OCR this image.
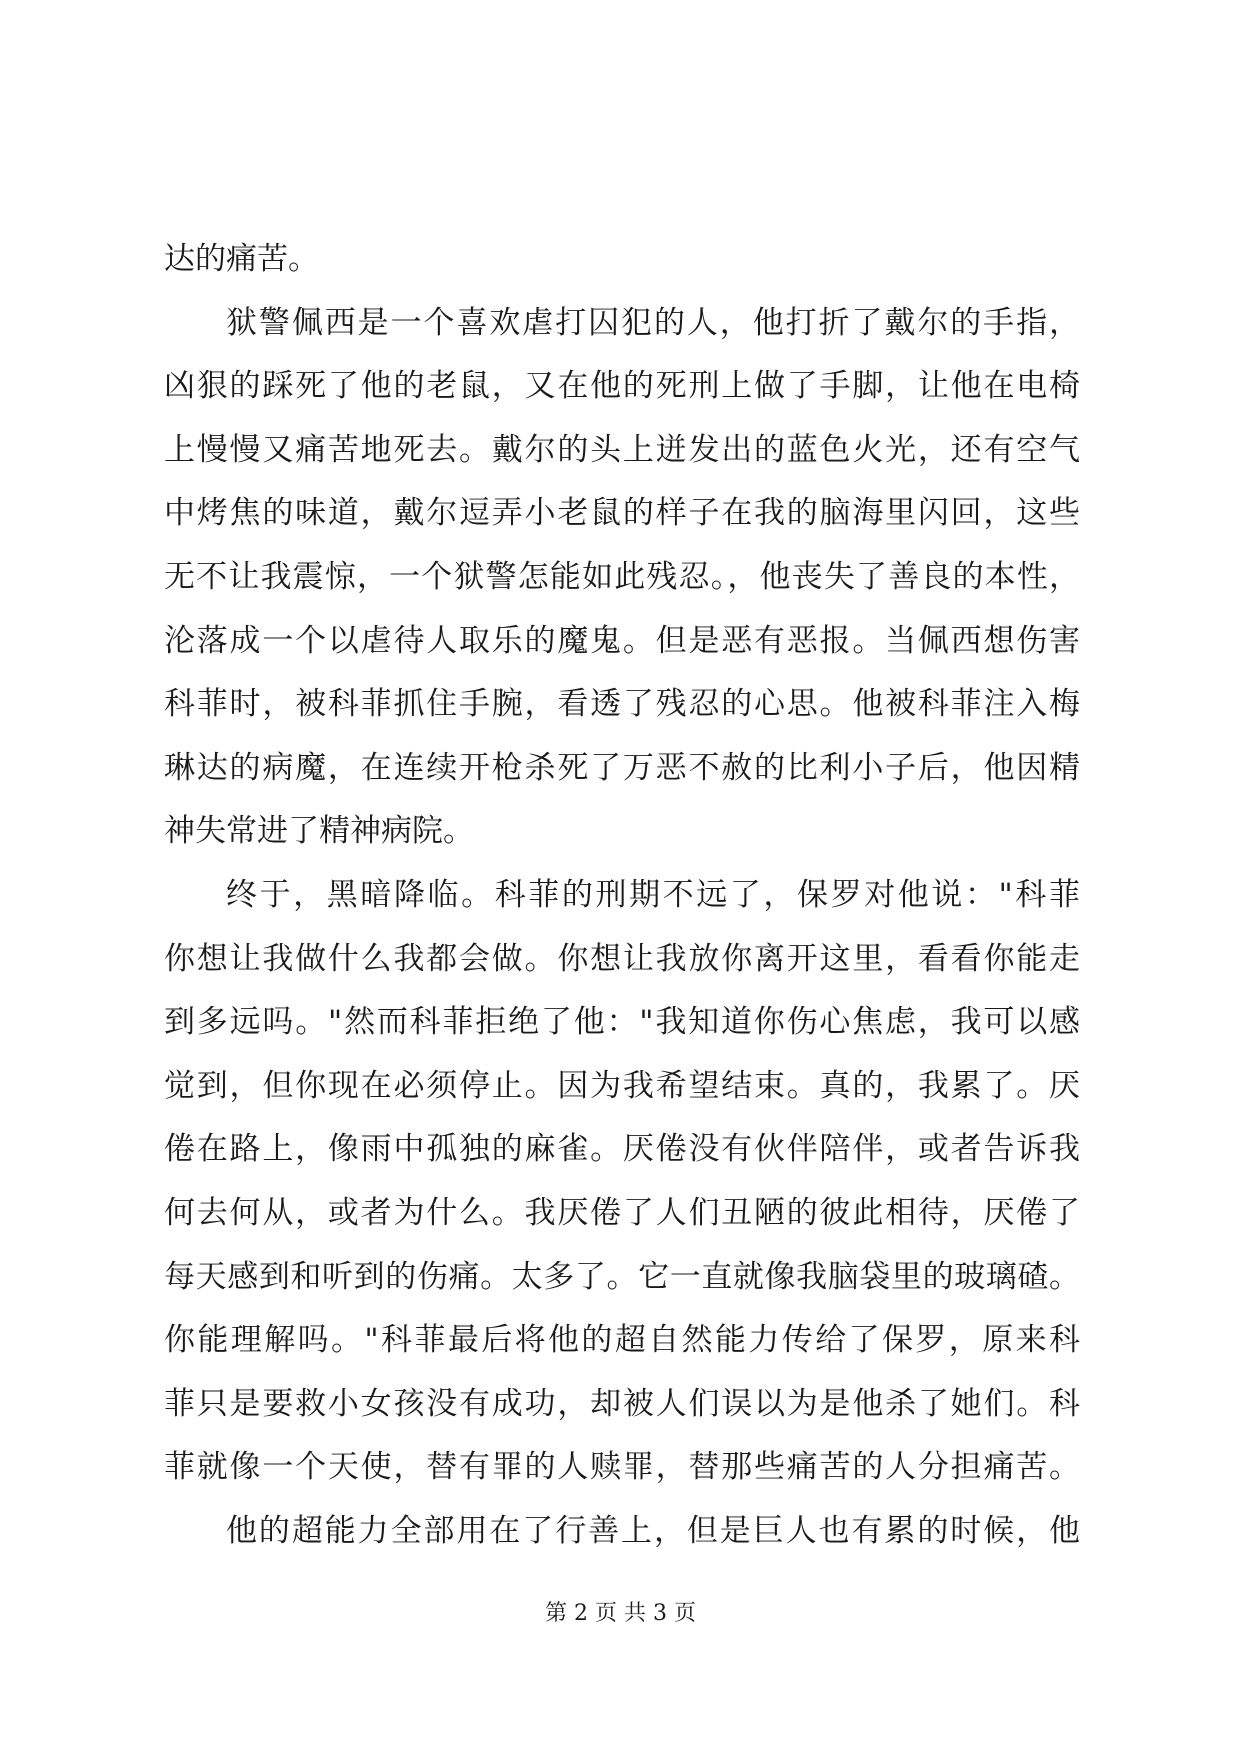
达的痛苦。
狱警佩西是一个喜欢虐打囚犯的人，他打折了戴尔的手指，
凶狠的踩死了他的老鼠，又在他的死刑上做了手脚，让他在电椅
上慢慢又痛苦地死去。戴尔的头上迸发出的蓝色火光，还有空气
中烤焦的味道，戴尔逗弄小老鼠的样子在我的脑海里闪回，这些
无不让我震惊，一个狱警怎能如此残忍。，他丧失了善良的本性，
沦落成一个以虐待人取乐的魔鬼。但是恶有恶报。当佩西想伤害
科菲时，被科菲抓住手腕，看透了残忍的心思。他被科菲注入梅
琳达的病魔，在连续开枪杀死了万恶不赦的比利小子后，他因精
神失常进了精神病院。
终于，黑暗降临。科菲的刑期不远了，保罗对他说："科菲
你想让我做什么我都会做。你想让我放你离开这里，看看你能走
到多远吗。"然而科菲拒绝了他："我知道你伤心焦虑，我可以感
觉到，但你现在必须停止。因为我希望结束。真的，我累了。厌
倦在路上，像雨中孤独的麻雀。厌倦没有伙伴陪伴，或者告诉我
何去何从，或者为什么。我厌倦了人们丑陋的彼此相待，厌倦了
每天感到和听到的伤痛。太多了。它一直就像我脑袋里的玻璃碴。
你能理解吗。"科菲最后将他的超自然能力传给了保罗，原来科
菲只是要救小女孩没有成功，却被人们误以为是他杀了她们。科
菲就像一个天使，替有罪的人赎罪，替那些痛苦的人分担痛苦。
他的超能力全部用在了行善上，但是巨人也有累的时候，他
第 2 页 共 3 页
